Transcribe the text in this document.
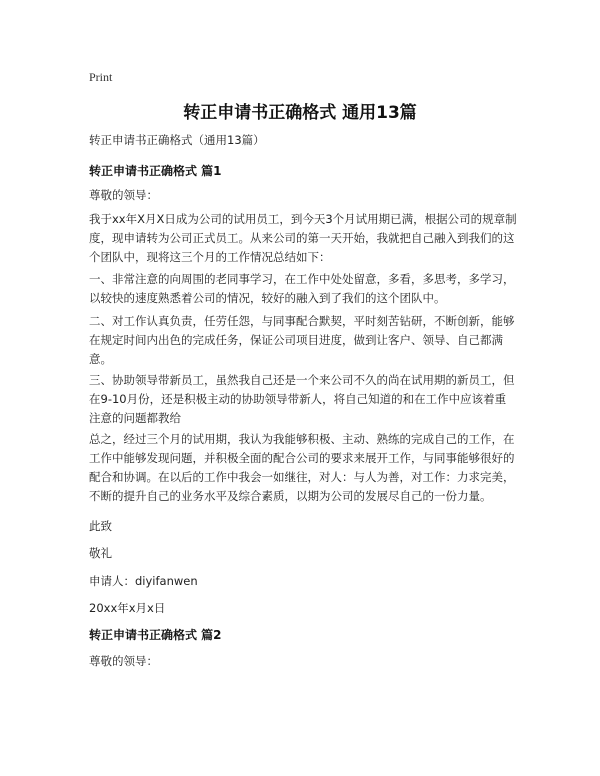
Print
转正申请书正确格式 通用13篇
转正申请书正确格式（通用13篇）
转正申请书正确格式 篇1
尊敬的领导：

我于xx年X月X日成为公司的试用员工，到今天3个月试用期已满，根据公司的规章制度，现申请转为公司正式员工。从来公司的第一天开始，我就把自己融入到我们的这个团队中，现将这三个月的工作情况总结如下：

一、非常注意的向周围的老同事学习，在工作中处处留意，多看，多思考，多学习，以较快的速度熟悉着公司的情况，较好的融入到了我们的这个团队中。

二、对工作认真负责，任劳任怨，与同事配合默契，平时刻苦钻研，不断创新，能够在规定时间内出色的完成任务，保证公司项目进度，做到让客户、领导、自己都满意。

三、协助领导带新员工，虽然我自己还是一个来公司不久的尚在试用期的新员工，但在9-10月份，还是积极主动的协助领导带新人，将自己知道的和在工作中应该着重注意的问题都教给

总之，经过三个月的试用期，我认为我能够积极、主动、熟练的完成自己的工作，在工作中能够发现问题，并积极全面的配合公司的要求来展开工作，与同事能够很好的配合和协调。在以后的工作中我会一如继往，对人：与人为善，对工作：力求完美，不断的提升自己的业务水平及综合素质，以期为公司的发展尽自己的一份力量。

此致
敬礼
申请人：diyifanwen
20xx年x月x日
转正申请书正确格式 篇2
尊敬的领导：
